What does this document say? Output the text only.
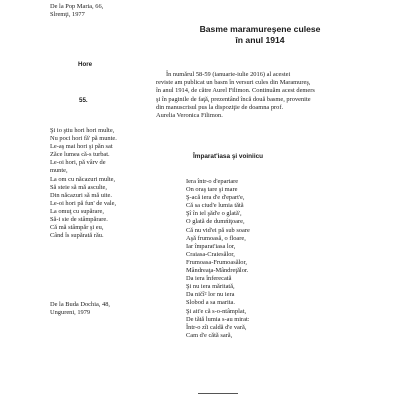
De la Pop Maria, 66,
Slremţi, 1977
Hore
55.
Şi io ştiu hori hori multe,
Nu poci hori fă' pă munte.
Le-aş mai hori şi păn sat
Zăce lumea că-s turbat.
Le-oi hori, pă vârv de
munte,
La om cu năcazuri multe,
Să steie să mă asculte,
Din năcazuri să mă uite.
Le-oi hori pă fun' de vale,
La omuţ cu supărare,
Să-i sie de stâmpărare.
Că mă stâmpăr şi eu,
Când îs supărată rău.
De la Buda Dochia, 48,
Ungureni, 1979
Basme maramureşene culese
în anul 1914
În numărul 58-59 (ianuarie-iulie 2016) al acestei
reviste am publicat un basm în versuri cules din Maramureş,
în anul 1914, de către Aurel Filimon. Continuăm acest demers
şi în paginile de faţă, prezentând încă două basme, provenite
din manuscrisul pus la dispoziţie de doamna prof.
Aurelia Veronica Filimon.
Împarat'iasa şi voiniicu
Iera într-o d'epartare
On oraş tare şi mare
Ş-acă iera d'e d'epart'e,
Că sa ciud'e lumia tătă
Şî în iel şăd'e o glată',
O glată de dumńiţoare,
Că nu vid'ei pă sub soare
Aşă frumoasă, o floare,
Iar împarat'iasa lor,
Craiasa-Craiesălor,
Frumoasa-Frumoasălor,
Mândreaţa-Mândreţălor.
Da iera înferecată
Şi nu iera măritată,
Da ničî² lor nu iera
Slobod a sa marita.
Şi ait'e că s-o-ntâmplat,
De tătă lumia s-au mirat:
Într-o zîi caldă d'e vară,
Cam d'e cătă sară,
